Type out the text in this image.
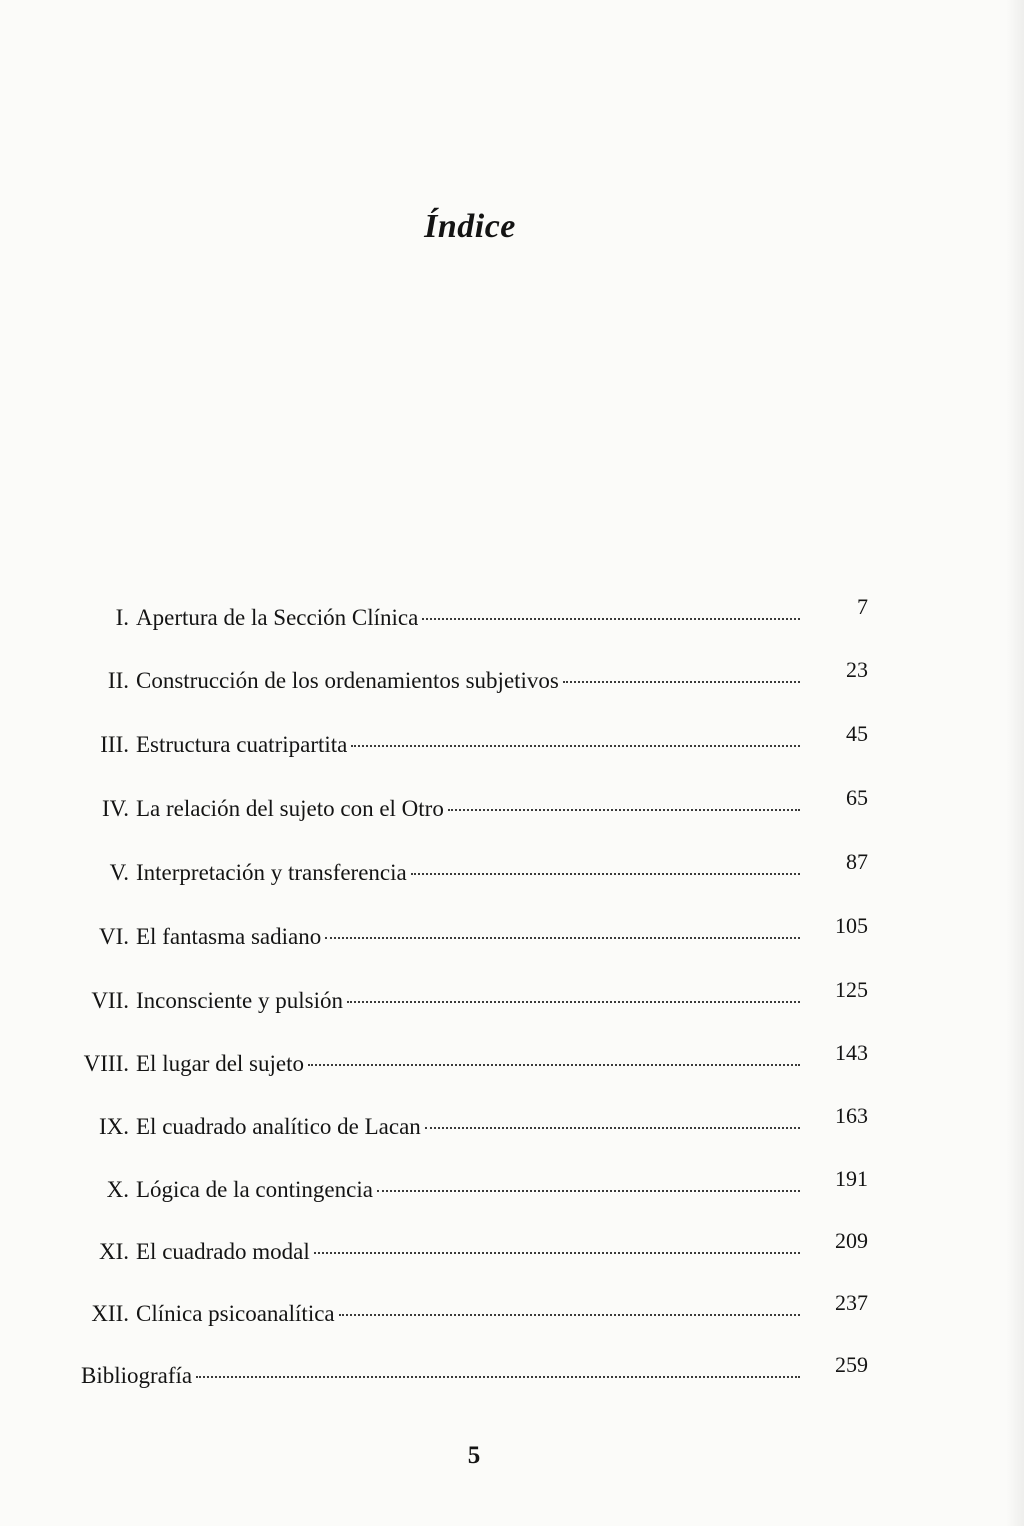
Índice
I. Apertura de la Sección Clínica	7
II. Construcción de los ordenamientos subjetivos	23
III. Estructura cuatripartita	45
IV. La relación del sujeto con el Otro	65
V. Interpretación y transferencia	87
VI. El fantasma sadiano	105
VII. Inconsciente y pulsión	125
VIII. El lugar del sujeto	143
IX. El cuadrado analítico de Lacan	163
X. Lógica de la contingencia	191
XI. El cuadrado modal	209
XII. Clínica psicoanalítica	237
Bibliografía	259
5
